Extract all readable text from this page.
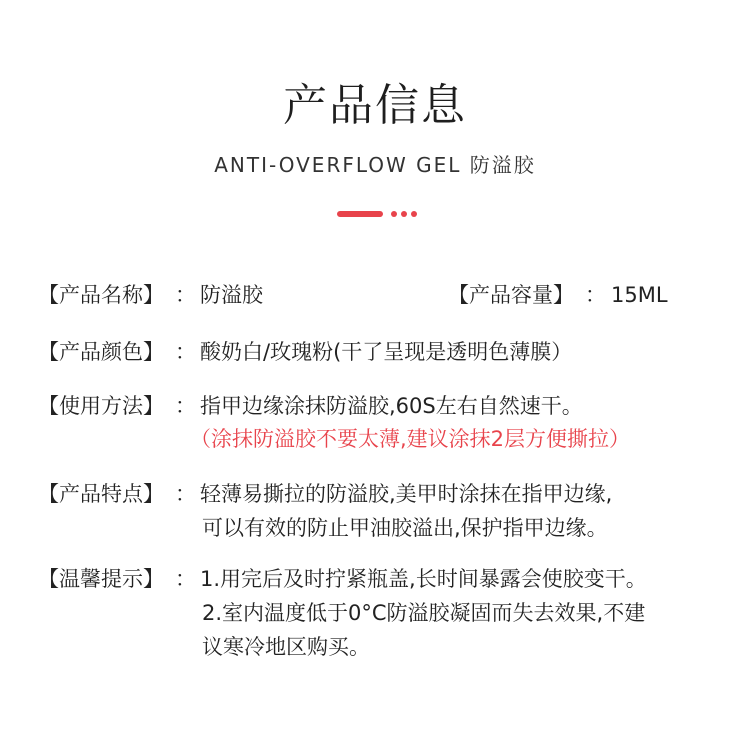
产品信息
ANTI-OVERFLOW GEL 防溢胶
【产品名称】 ： 防溢胶	【产品容量】 ： 15ML
【产品颜色】 ： 酸奶白/玫瑰粉(干了呈现是透明色薄膜）
【使用方法】 ： 指甲边缘涂抹防溢胶,60S左右自然速干。
（涂抹防溢胶不要太薄,建议涂抹2层方便撕拉）
【产品特点】 ： 轻薄易撕拉的防溢胶,美甲时涂抹在指甲边缘,
可以有效的防止甲油胶溢出,保护指甲边缘。
【温馨提示】 ： 1.用完后及时拧紧瓶盖,长时间暴露会使胶变干。
2.室内温度低于0°C防溢胶凝固而失去效果,不建
议寒冷地区购买。
